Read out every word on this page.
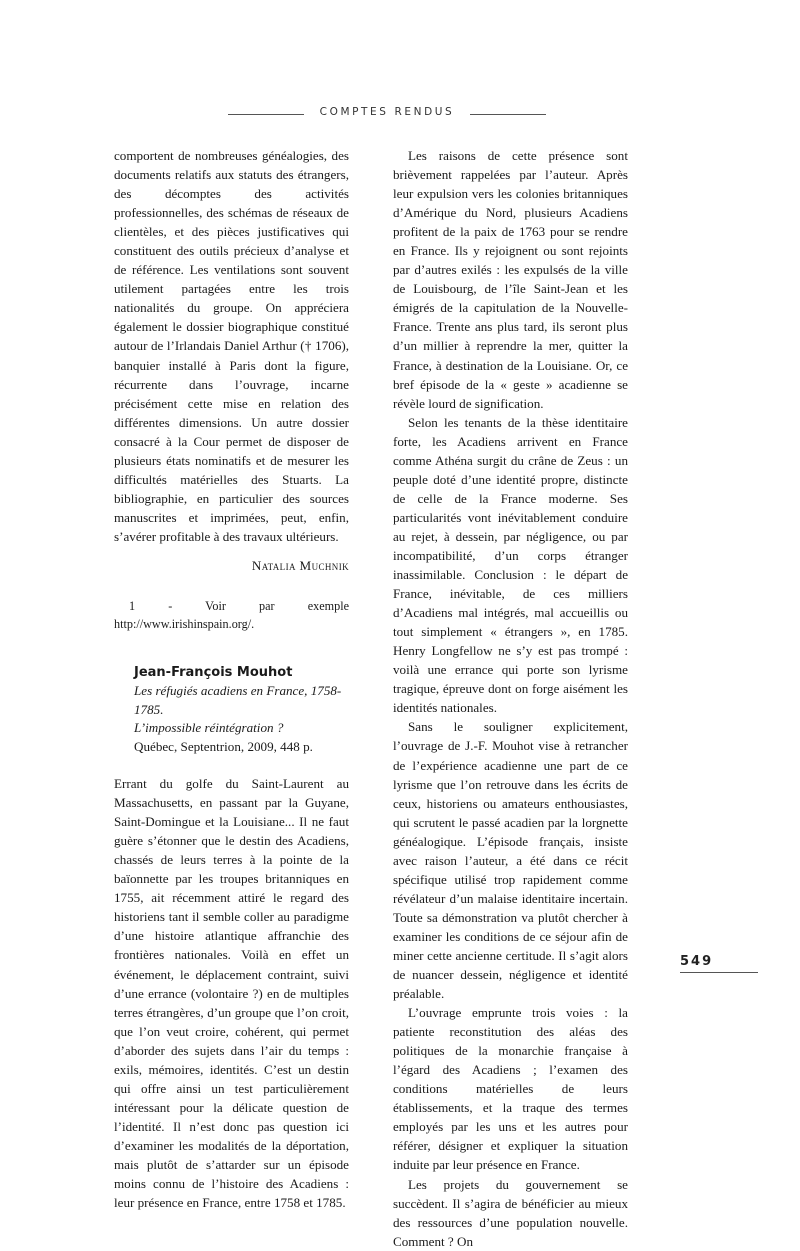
COMPTES RENDUS

comportent de nombreuses généalogies, des documents relatifs aux statuts des étrangers, des décomptes des activités professionnelles, des schémas de réseaux de clientèles, et des pièces justificatives qui constituent des outils précieux d’analyse et de référence. Les ventilations sont souvent utilement partagées entre les trois nationalités du groupe. On appréciera également le dossier biographique constitué autour de l’Irlandais Daniel Arthur († 1706), banquier installé à Paris dont la figure, récurrente dans l’ouvrage, incarne précisément cette mise en relation des différentes dimensions. Un autre dossier consacré à la Cour permet de disposer de plusieurs états nominatifs et de mesurer les difficultés matérielles des Stuarts. La bibliographie, en particulier des sources manuscrites et imprimées, peut, enfin, s’avérer profitable à des travaux ultérieurs.

Natalia Muchnik

1 - Voir par exemple http://www.irishinspain.org/.

Jean-François Mouhot
Les réfugiés acadiens en France, 1758-1785.
L’impossible réintégration ?
Québec, Septentrion, 2009, 448 p.

Errant du golfe du Saint-Laurent au Massachusetts, en passant par la Guyane, Saint-Domingue et la Louisiane... Il ne faut guère s’étonner que le destin des Acadiens, chassés de leurs terres à la pointe de la baïonnette par les troupes britanniques en 1755, ait récemment attiré le regard des historiens tant il semble coller au paradigme d’une histoire atlantique affranchie des frontières nationales. Voilà en effet un événement, le déplacement contraint, suivi d’une errance (volontaire ?) en de multiples terres étrangères, d’un groupe que l’on croit, que l’on veut croire, cohérent, qui permet d’aborder des sujets dans l’air du temps : exils, mémoires, identités. C’est un destin qui offre ainsi un test particulièrement intéressant pour la délicate question de l’identité. Il n’est donc pas question ici d’examiner les modalités de la déportation, mais plutôt de s’attarder sur un épisode moins connu de l’histoire des Acadiens : leur présence en France, entre 1758 et 1785.

Les raisons de cette présence sont brièvement rappelées par l’auteur. Après leur expulsion vers les colonies britanniques d’Amérique du Nord, plusieurs Acadiens profitent de la paix de 1763 pour se rendre en France. Ils y rejoignent ou sont rejoints par d’autres exilés : les expulsés de la ville de Louisbourg, de l’île Saint-Jean et les émigrés de la capitulation de la Nouvelle-France. Trente ans plus tard, ils seront plus d’un millier à reprendre la mer, quitter la France, à destination de la Louisiane. Or, ce bref épisode de la « geste » acadienne se révèle lourd de signification.

Selon les tenants de la thèse identitaire forte, les Acadiens arrivent en France comme Athéna surgit du crâne de Zeus : un peuple doté d’une identité propre, distincte de celle de la France moderne. Ses particularités vont inévitablement conduire au rejet, à dessein, par négligence, ou par incompatibilité, d’un corps étranger inassimilable. Conclusion : le départ de France, inévitable, de ces milliers d’Acadiens mal intégrés, mal accueillis ou tout simplement « étrangers », en 1785. Henry Longfellow ne s’y est pas trompé : voilà une errance qui porte son lyrisme tragique, épreuve dont on forge aisément les identités nationales.

Sans le souligner explicitement, l’ouvrage de J.-F. Mouhot vise à retrancher de l’expérience acadienne une part de ce lyrisme que l’on retrouve dans les écrits de ceux, historiens ou amateurs enthousiastes, qui scrutent le passé acadien par la lorgnette généalogique. L’épisode français, insiste avec raison l’auteur, a été dans ce récit spécifique utilisé trop rapidement comme révélateur d’un malaise identitaire incertain. Toute sa démonstration va plutôt chercher à examiner les conditions de ce séjour afin de miner cette ancienne certitude. Il s’agit alors de nuancer dessein, négligence et identité préalable.

L’ouvrage emprunte trois voies : la patiente reconstitution des aléas des politiques de la monarchie française à l’égard des Acadiens ; l’examen des conditions matérielles de leurs établissements, et la traque des termes employés par les uns et les autres pour référer, désigner et expliquer la situation induite par leur présence en France.

Les projets du gouvernement se succèdent. Il s’agira de bénéficier au mieux des ressources d’une population nouvelle. Comment ? On

549
